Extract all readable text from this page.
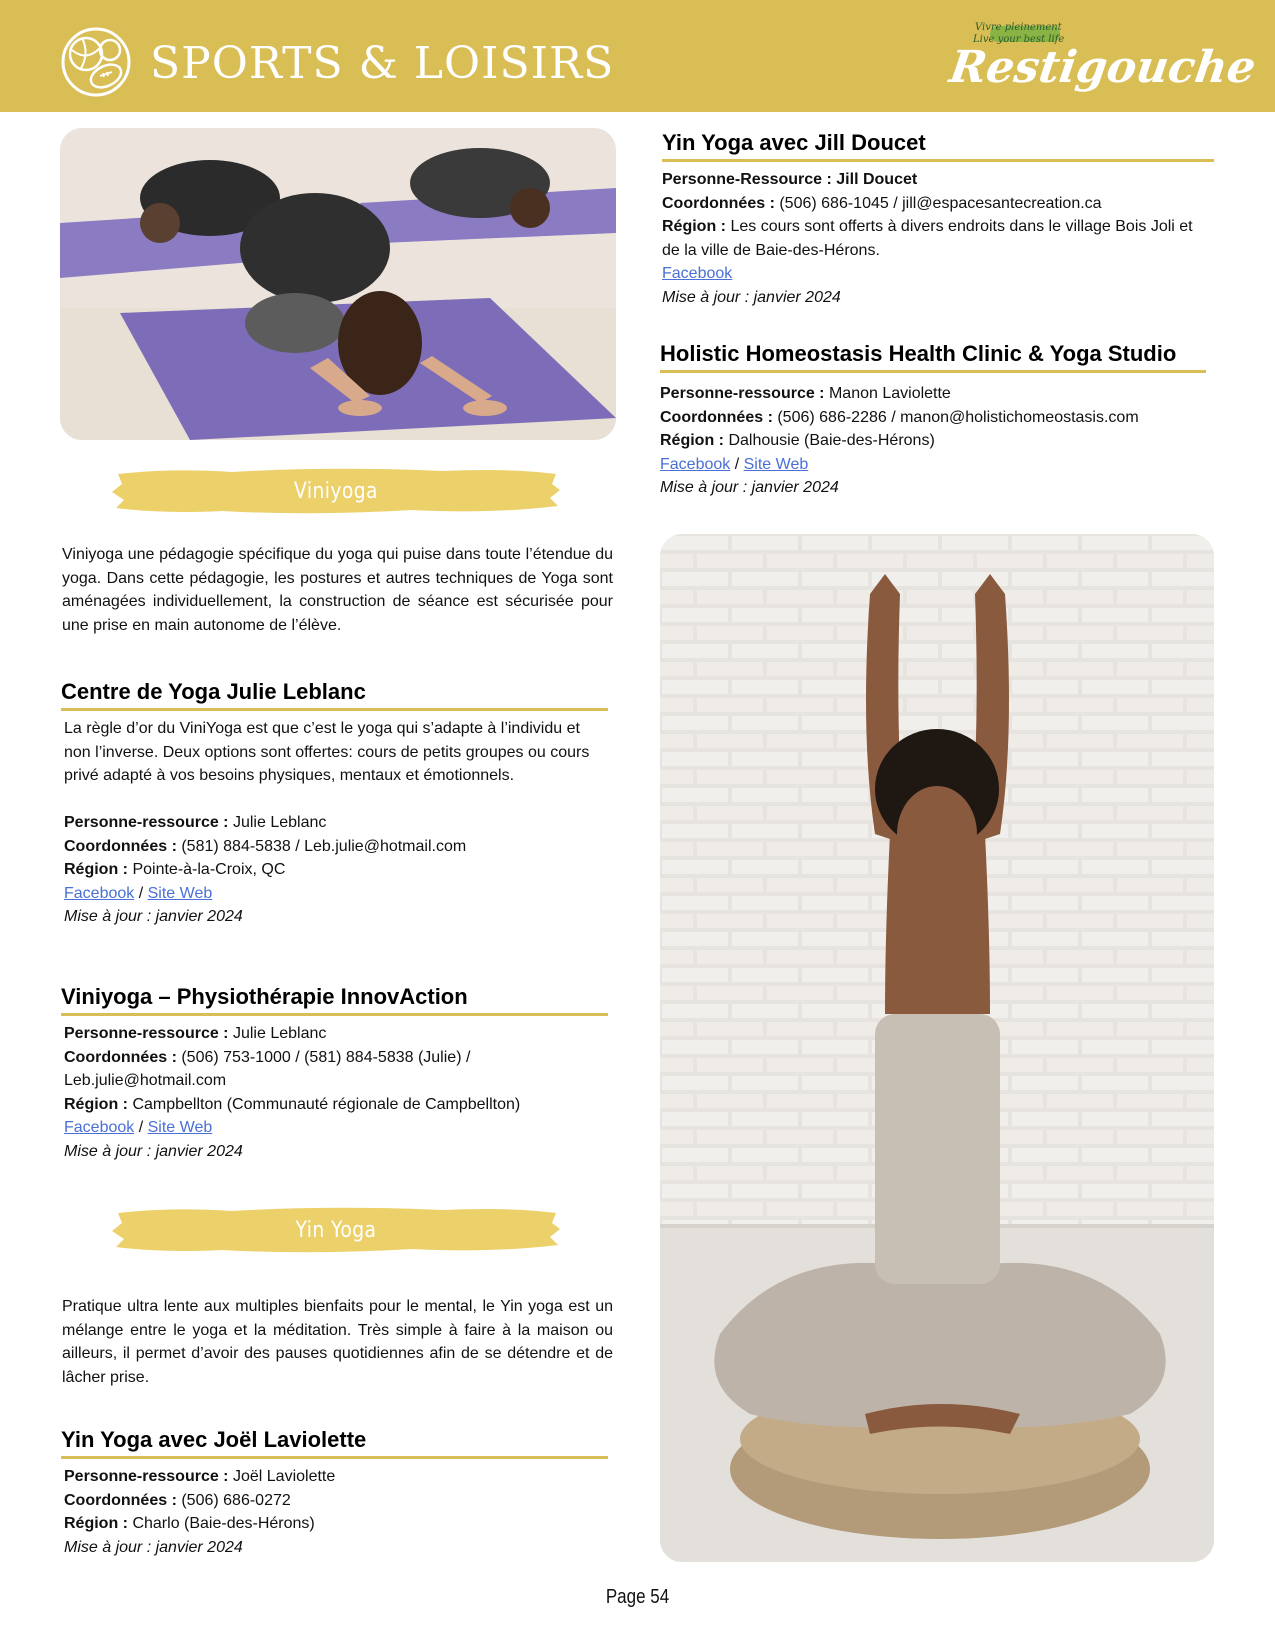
SPORTS & LOISIRS
Vivre pleinement
Live your best life
Restigouche
Viniyoga
Viniyoga une pédagogie spécifique du yoga qui puise dans toute l’étendue du yoga. Dans cette pédagogie, les postures et autres techniques de Yoga sont aménagées individuellement, la construction de séance est sécurisée pour une prise en main autonome de l’élève.
Centre de Yoga Julie Leblanc
La règle d’or du ViniYoga est que c’est le yoga qui s’adapte à l’individu et non l’inverse. Deux options sont offertes: cours de petits groupes ou cours privé adapté à vos besoins physiques, mentaux et émotionnels.
Personne-ressource : Julie Leblanc
Coordonnées : (581) 884-5838 / Leb.julie@hotmail.com
Région : Pointe-à-la-Croix, QC
Facebook / Site Web
Mise à jour : janvier 2024
Viniyoga – Physiothérapie InnovAction
Personne-ressource : Julie Leblanc
Coordonnées : (506) 753-1000 / (581) 884-5838 (Julie) /
Leb.julie@hotmail.com
Région : Campbellton (Communauté régionale de Campbellton)
Facebook / Site Web
Mise à jour : janvier 2024
Yin Yoga
Pratique ultra lente aux multiples bienfaits pour le mental, le Yin yoga est un mélange entre le yoga et la méditation. Très simple à faire à la maison ou ailleurs, il permet d’avoir des pauses quotidiennes afin de se détendre et de lâcher prise.
Yin Yoga avec Joël Laviolette
Personne-ressource : Joël Laviolette
Coordonnées : (506) 686-0272
Région : Charlo (Baie-des-Hérons)
Mise à jour : janvier 2024
Yin Yoga avec Jill Doucet
Personne-Ressource : Jill Doucet
Coordonnées : (506) 686-1045 / jill@espacesantecreation.ca
Région : Les cours sont offerts à divers endroits dans le village Bois Joli et de la ville de Baie-des-Hérons.
Facebook
Mise à jour : janvier 2024
Holistic Homeostasis Health Clinic & Yoga Studio
Personne-ressource : Manon Laviolette
Coordonnées : (506) 686-2286 / manon@holistichomeostasis.com
Région : Dalhousie (Baie-des-Hérons)
Facebook / Site Web
Mise à jour : janvier 2024
Page 54
